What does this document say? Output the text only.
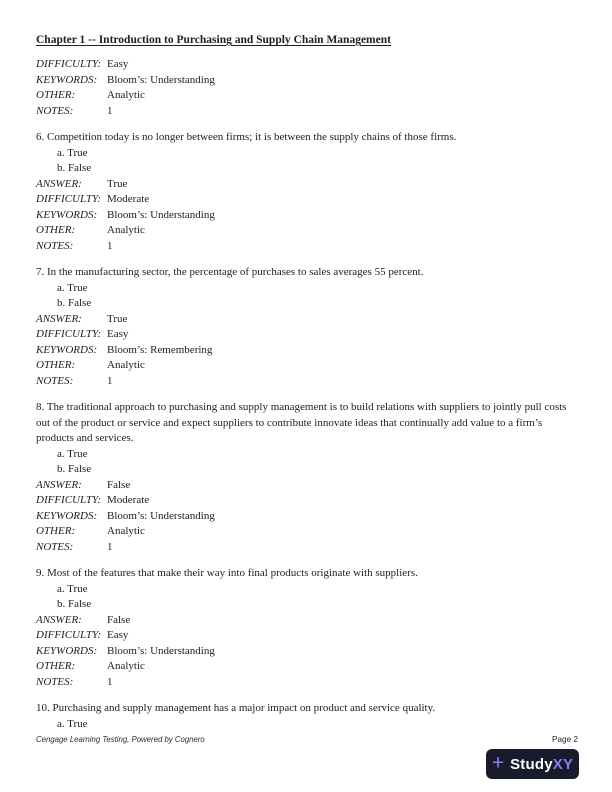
Chapter 1 -- Introduction to Purchasing and Supply Chain Management
DIFFICULTY: Easy
KEYWORDS: Bloom’s: Understanding
OTHER:	Analytic
NOTES:	1

6. Competition today is no longer between firms; it is between the supply chains of those firms.

a. True
b. False
ANSWER:	True
DIFFICULTY: Moderate
KEYWORDS: Bloom’s: Understanding
OTHER:	Analytic
NOTES:	1

7. In the manufacturing sector, the percentage of purchases to sales averages 55 percent.

a. True
b. False
ANSWER:	True
DIFFICULTY: Easy
KEYWORDS: Bloom’s: Remembering
OTHER:	Analytic
NOTES:	1

8. The traditional approach to purchasing and supply management is to build relations with suppliers to jointly pull costs out of the product or service and expect suppliers to contribute innovate ideas that continually add value to a firm’s products and services.

a. True
b. False
ANSWER:	False
DIFFICULTY: Moderate
KEYWORDS: Bloom’s: Understanding
OTHER:	Analytic
NOTES:	1

9. Most of the features that make their way into final products originate with suppliers.

a. True
b. False
ANSWER:	False
DIFFICULTY: Easy
KEYWORDS: Bloom’s: Understanding
OTHER:	Analytic
NOTES:	1

10. Purchasing and supply management has a major impact on product and service quality.

a. True
Cengage Learning Testing, Powered by Cognero	Page 2
+ StudyXY
